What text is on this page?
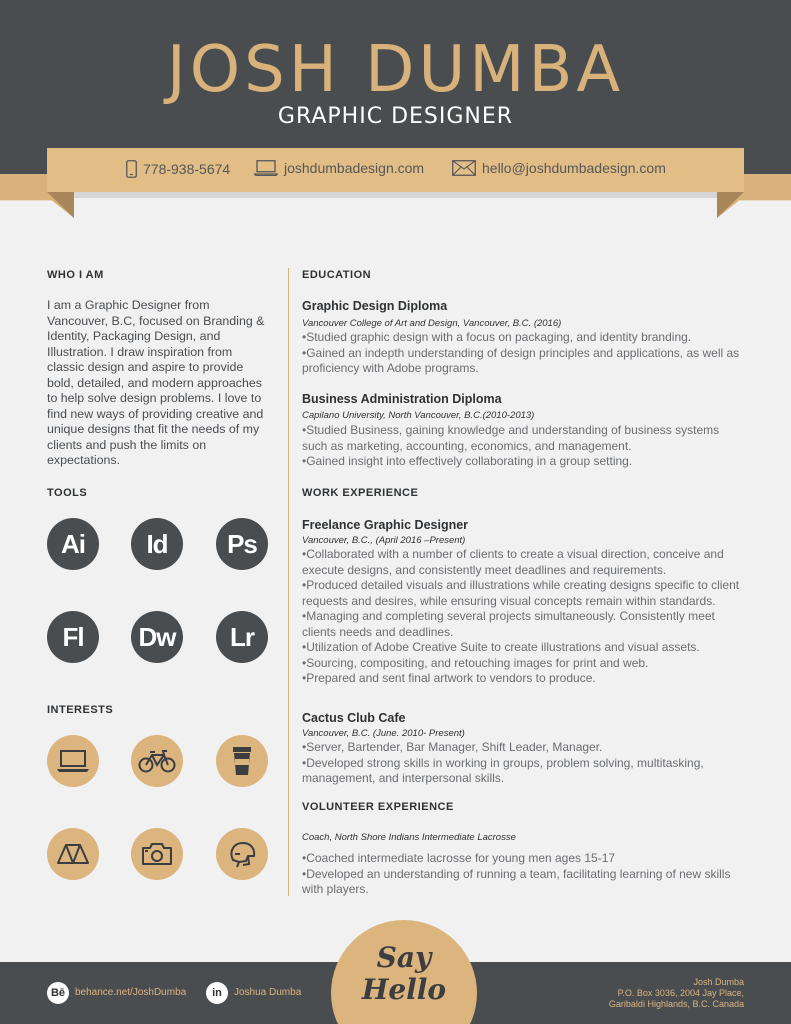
JOSH DUMBA
GRAPHIC DESIGNER
778-938-5674	joshdumbadesign.com	hello@joshdumbadesign.com
WHO I AM
I am a Graphic Designer from Vancouver, B.C, focused on Branding & Identity, Packaging Design, and Illustration. I draw inspiration from classic design and aspire to provide bold, detailed, and modern approaches to help solve design problems. I love to find new ways of providing creative and unique designs that fit the needs of my clients and push the limits on expectations.
TOOLS
Ai	Id	Ps
Fl	Dw	Lr
INTERESTS
EDUCATION
Graphic Design Diploma
Vancouver College of Art and Design, Vancouver, B.C. (2016)
•Studied graphic design with a focus on packaging, and identity branding.
•Gained an indepth understanding of design principles and applications, as well as proficiency with Adobe programs.
Business Administration Diploma
Capilano University, North Vancouver, B.C.(2010-2013)
•Studied Business, gaining knowledge and understanding of business systems such as marketing, accounting, economics, and management.
•Gained insight into effectively collaborating in a group setting.
WORK EXPERIENCE
Freelance Graphic Designer
Vancouver, B.C., (April 2016 –Present)
•Collaborated with a number of clients to create a visual direction, conceive and execute designs, and consistently meet deadlines and requirements.
•Produced detailed visuals and illustrations while creating designs specific to client requests and desires, while ensuring visual concepts remain within standards.
•Managing and completing several projects simultaneously. Consistently meet clients needs and deadlines.
•Utilization of Adobe Creative Suite to create illustrations and visual assets.
•Sourcing, compositing, and retouching images for print and web.
•Prepared and sent final artwork to vendors to produce.
Cactus Club Cafe
Vancouver, B.C. (June. 2010- Present)
•Server, Bartender, Bar Manager, Shift Leader, Manager.
•Developed strong skills in working in groups, problem solving, multitasking, management, and interpersonal skills.
VOLUNTEER EXPERIENCE
Coach, North Shore Indians Intermediate Lacrosse
•Coached intermediate lacrosse for young men ages 15-17
•Developed an understanding of running a team, facilitating learning of new skills with players.
Say
Hello
Bē behance.net/JoshDumba	in	Joshua Dumba
Josh Dumba
P.O. Box 3036, 2004 Jay Place,
Garibaldi Highlands, B.C. Canada
